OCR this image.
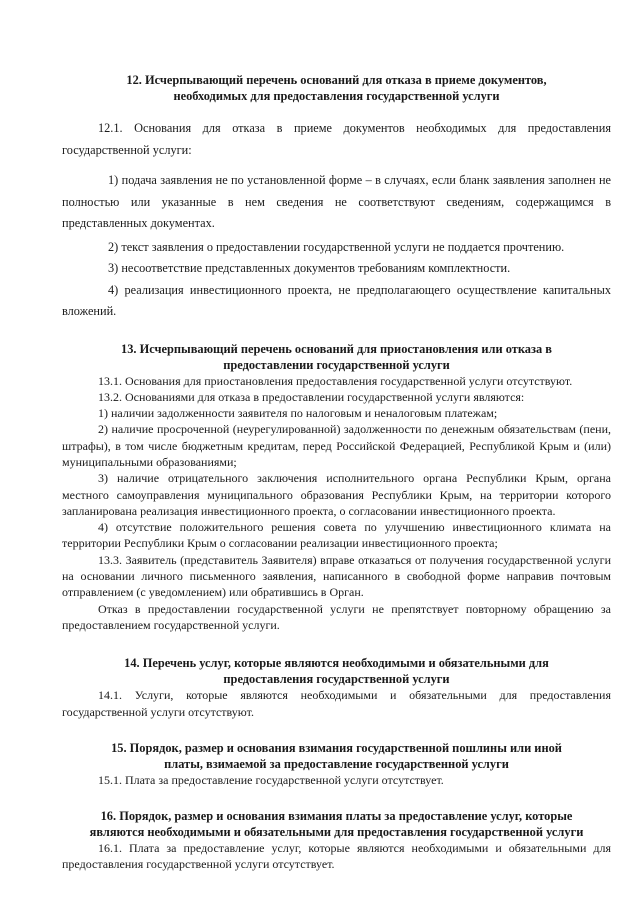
12. Исчерпывающий перечень оснований для отказа в приеме документов,
необходимых для предоставления государственной услуги

12.1. Основания для отказа в приеме документов необходимых для предоставления государственной услуги:

1) подача заявления не по установленной форме – в случаях, если бланк заявления заполнен не полностью или указанные в нем сведения не соответствуют сведениям, содержащимся в представленных документах.

2) текст заявления о предоставлении государственной услуги не поддается прочтению.

3) несоответствие представленных документов требованиям комплектности.

4) реализация инвестиционного проекта, не предполагающего осуществление капитальных вложений.

13. Исчерпывающий перечень оснований для приостановления или отказа в
предоставлении государственной услуги

13.1. Основания для приостановления предоставления государственной услуги отсутствуют.

13.2. Основаниями для отказа в предоставлении государственной услуги являются:

1) наличии задолженности заявителя по налоговым и неналоговым платежам;

2) наличие просроченной (неурегулированной) задолженности по денежным обязательствам (пени, штрафы), в том числе бюджетным кредитам, перед Российской Федерацией, Республикой Крым и (или) муниципальными образованиями;

3) наличие отрицательного заключения исполнительного органа Республики Крым, органа местного самоуправления муниципального образования Республики Крым, на территории которого запланирована реализация инвестиционного проекта, о согласовании инвестиционного проекта.

4) отсутствие положительного решения совета по улучшению инвестиционного климата на территории Республики Крым о согласовании реализации инвестиционного проекта;

13.3. Заявитель (представитель Заявителя) вправе отказаться от получения государственной услуги на основании личного письменного заявления, написанного в свободной форме направив почтовым отправлением (с уведомлением) или обратившись в Орган.

Отказ в предоставлении государственной услуги не препятствует повторному обращению за предоставлением государственной услуги.

14. Перечень услуг, которые являются необходимыми и обязательными для
предоставления государственной услуги

14.1. Услуги, которые являются необходимыми и обязательными для предоставления государственной услуги отсутствуют.

15. Порядок, размер и основания взимания государственной пошлины или иной
платы, взимаемой за предоставление государственной услуги

15.1. Плата за предоставление государственной услуги отсутствует.

16. Порядок, размер и основания взимания платы за предоставление услуг, которые
являются необходимыми и обязательными для предоставления государственной услуги

16.1. Плата за предоставление услуг, которые являются необходимыми и обязательными для предоставления государственной услуги отсутствует.
